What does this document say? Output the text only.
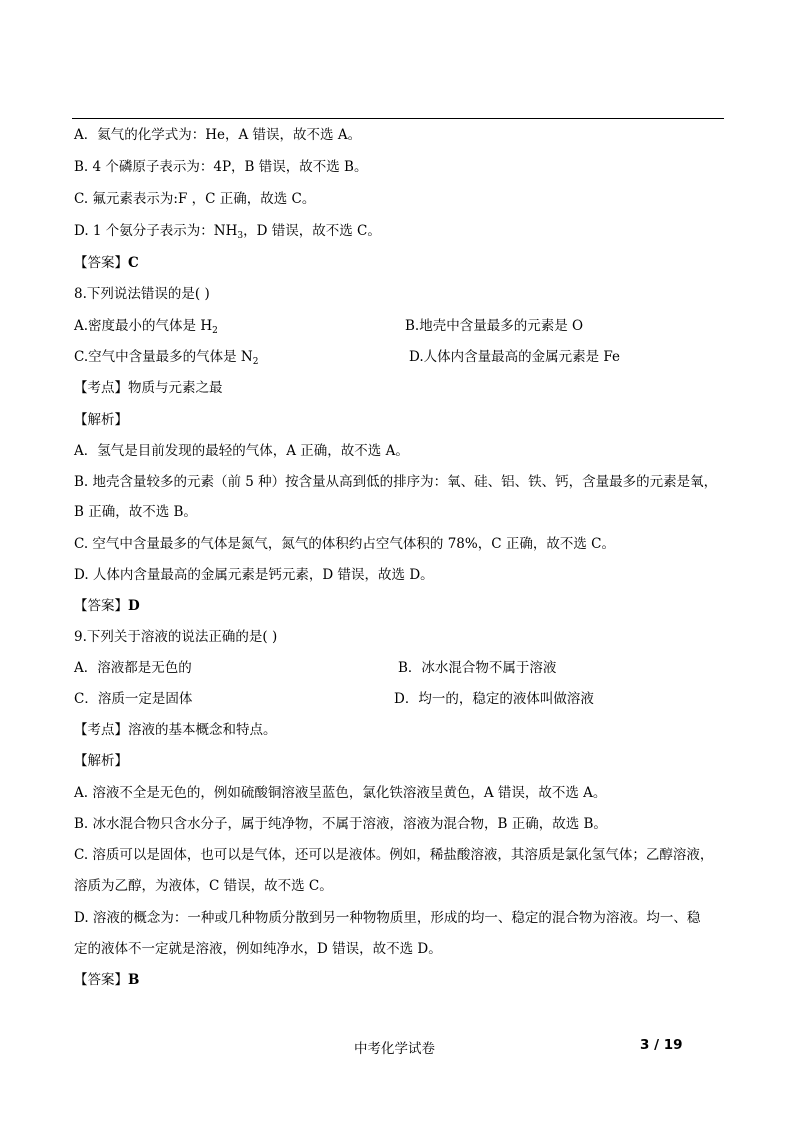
A．氦气的化学式为：He，A 错误，故不选 A。
B. 4 个磷原子表示为：4P，B 错误，故不选 B。
C. 氟元素表示为:F ，C 正确，故选 C。
D. 1 个氨分子表示为：$NH_3$，D 错误，故不选 C。
【答案】C
8.下列说法错误的是( )
A.密度最小的气体是 $H_2$	B.地壳中含量最多的元素是 O
C.空气中含量最多的气体是 $N_2$	D.人体内含量最高的金属元素是 Fe
【考点】物质与元素之最
【解析】
A．氢气是目前发现的最轻的气体，A 正确，故不选 A。
B. 地壳含量较多的元素（前 5 种）按含量从高到低的排序为：氧、硅、铝、铁、钙，含量最多的元素是氧，
B 正确，故不选 B。
C. 空气中含量最多的气体是氮气，氮气的体积约占空气体积的 78%，C 正确，故不选 C。
D. 人体内含量最高的金属元素是钙元素，D 错误，故选 D。
【答案】D
9.下列关于溶液的说法正确的是( )
A．溶液都是无色的	B．冰水混合物不属于溶液
C．溶质一定是固体	D．均一的，稳定的液体叫做溶液
【考点】溶液的基本概念和特点。
【解析】
A. 溶液不全是无色的，例如硫酸铜溶液呈蓝色，氯化铁溶液呈黄色，A 错误，故不选 A。
B. 冰水混合物只含水分子，属于纯净物，不属于溶液，溶液为混合物，B 正确，故选 B。
C. 溶质可以是固体，也可以是气体，还可以是液体。例如，稀盐酸溶液，其溶质是氯化氢气体；乙醇溶液，
溶质为乙醇，为液体，C 错误，故不选 C。
D. 溶液的概念为：一种或几种物质分散到另一种物物质里，形成的均一、稳定的混合物为溶液。均一、稳
定的液体不一定就是溶液，例如纯净水，D 错误，故不选 D。
【答案】B
中考化学试卷	3 / 19
